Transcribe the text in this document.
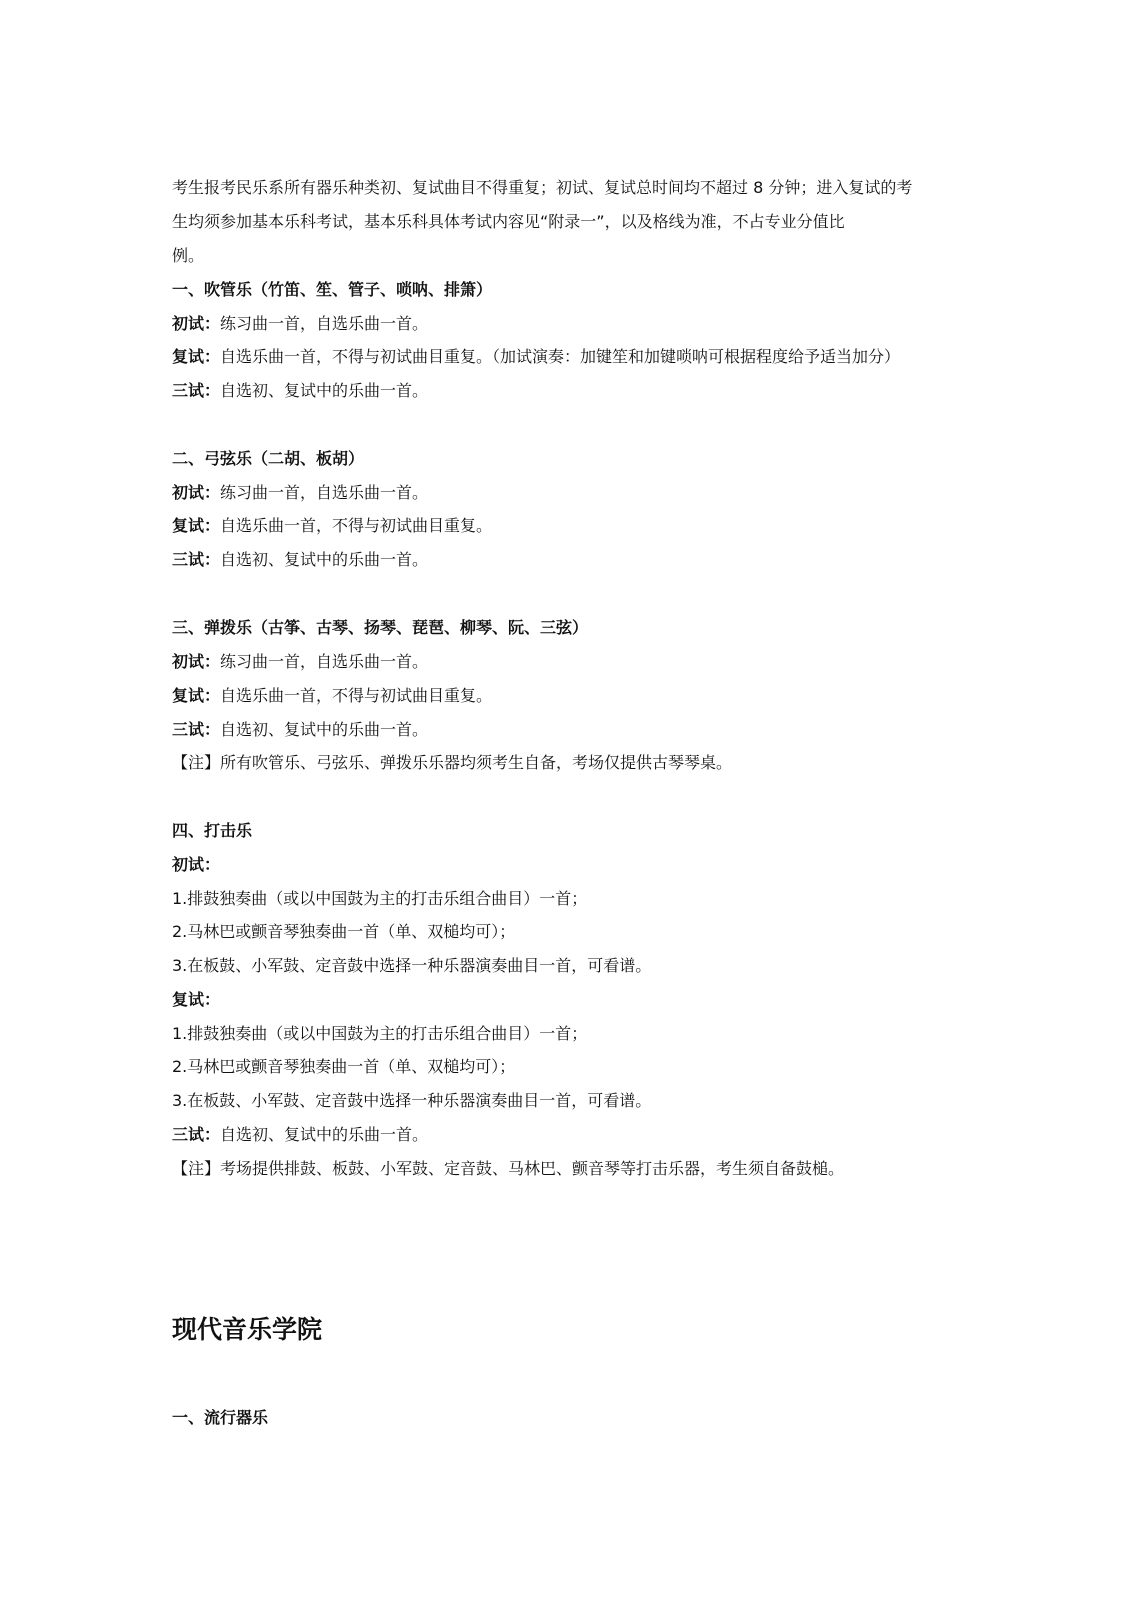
考生报考民乐系所有器乐种类初、复试曲目不得重复；初试、复试总时间均不超过 8 分钟；进入复试的考
生均须参加基本乐科考试，基本乐科具体考试内容见“附录一”，以及格线为准，不占专业分值比
例。
一、吹管乐（竹笛、笙、管子、唢呐、排箫）
初试：练习曲一首，自选乐曲一首。
复试：自选乐曲一首，不得与初试曲目重复。（加试演奏：加键笙和加键唢呐可根据程度给予适当加分）
三试：自选初、复试中的乐曲一首。
二、弓弦乐（二胡、板胡）
初试：练习曲一首，自选乐曲一首。
复试：自选乐曲一首，不得与初试曲目重复。
三试：自选初、复试中的乐曲一首。
三、弹拨乐（古筝、古琴、扬琴、琵琶、柳琴、阮、三弦）
初试：练习曲一首，自选乐曲一首。
复试：自选乐曲一首，不得与初试曲目重复。
三试：自选初、复试中的乐曲一首。
【注】所有吹管乐、弓弦乐、弹拨乐乐器均须考生自备，考场仅提供古琴琴桌。
四、打击乐
初试：
1.排鼓独奏曲（或以中国鼓为主的打击乐组合曲目）一首；
2.马林巴或颤音琴独奏曲一首（单、双槌均可）；
3.在板鼓、小军鼓、定音鼓中选择一种乐器演奏曲目一首，可看谱。
复试：
1.排鼓独奏曲（或以中国鼓为主的打击乐组合曲目）一首；
2.马林巴或颤音琴独奏曲一首（单、双槌均可）；
3.在板鼓、小军鼓、定音鼓中选择一种乐器演奏曲目一首，可看谱。
三试：自选初、复试中的乐曲一首。
【注】考场提供排鼓、板鼓、小军鼓、定音鼓、马林巴、颤音琴等打击乐器，考生须自备鼓槌。
现代音乐学院
一、流行器乐
